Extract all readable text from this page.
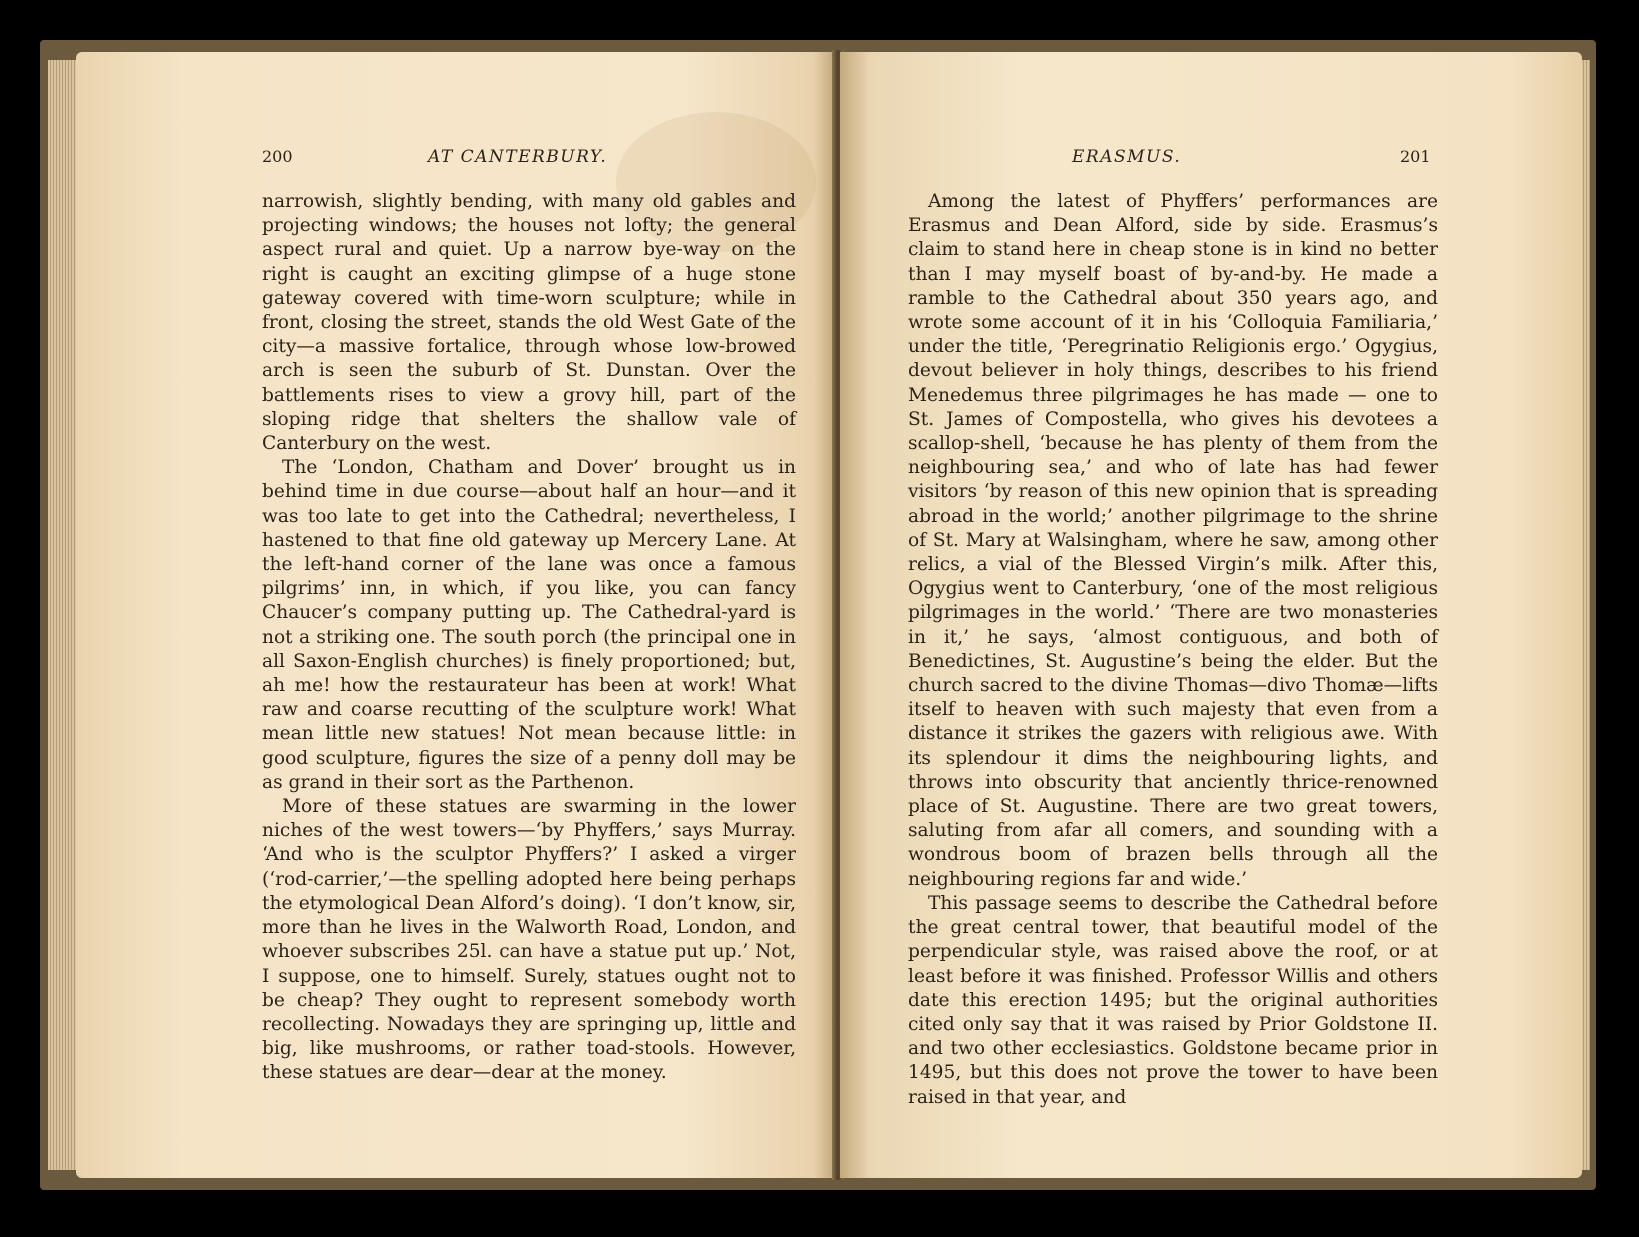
200	AT CANTERBURY.

narrowish, slightly bending, with many old gables and projecting windows; the houses not lofty; the general aspect rural and quiet. Up a narrow bye-way on the right is caught an exciting glimpse of a huge stone gateway covered with time-worn sculpture; while in front, closing the street, stands the old West Gate of the city—a massive fortalice, through whose low-browed arch is seen the suburb of St. Dunstan. Over the battlements rises to view a grovy hill, part of the sloping ridge that shelters the shallow vale of Canterbury on the west.

The ‘London, Chatham and Dover’ brought us in behind time in due course—about half an hour—and it was too late to get into the Cathedral; nevertheless, I hastened to that fine old gateway up Mercery Lane. At the left-hand corner of the lane was once a famous pilgrims’ inn, in which, if you like, you can fancy Chaucer’s company putting up. The Cathedral-yard is not a striking one. The south porch (the principal one in all Saxon-English churches) is finely proportioned; but, ah me! how the restaurateur has been at work! What raw and coarse recutting of the sculpture work! What mean little new statues! Not mean because little: in good sculpture, figures the size of a penny doll may be as grand in their sort as the Parthenon.

More of these statues are swarming in the lower niches of the west towers—‘by Phyffers,’ says Murray. ‘And who is the sculptor Phyffers?’ I asked a virger (‘rod-carrier,’—the spelling adopted here being perhaps the etymological Dean Alford’s doing). ‘I don’t know, sir, more than he lives in the Walworth Road, London, and whoever subscribes 25l. can have a statue put up.’ Not, I suppose, one to himself. Surely, statues ought not to be cheap? They ought to represent somebody worth recollecting. Nowadays they are springing up, little and big, like mushrooms, or rather toad-stools. However, these statues are dear—dear at the money.

ERASMUS.	201

Among the latest of Phyffers’ performances are Erasmus and Dean Alford, side by side. Erasmus’s claim to stand here in cheap stone is in kind no better than I may myself boast of by-and-by. He made a ramble to the Cathedral about 350 years ago, and wrote some account of it in his ‘Colloquia Familiaria,’ under the title, ‘Peregrinatio Religionis ergo.’ Ogygius, devout believer in holy things, describes to his friend Menedemus three pilgrimages he has made — one to St. James of Compostella, who gives his devotees a scallop-shell, ‘because he has plenty of them from the neighbouring sea,’ and who of late has had fewer visitors ‘by reason of this new opinion that is spreading abroad in the world;’ another pilgrimage to the shrine of St. Mary at Walsingham, where he saw, among other relics, a vial of the Blessed Virgin’s milk. After this, Ogygius went to Canterbury, ‘one of the most religious pilgrimages in the world.’ ‘There are two monasteries in it,’ he says, ‘almost contiguous, and both of Benedictines, St. Augustine’s being the elder. But the church sacred to the divine Thomas—divo Thomæ—lifts itself to heaven with such majesty that even from a distance it strikes the gazers with religious awe. With its splendour it dims the neighbouring lights, and throws into obscurity that anciently thrice-renowned place of St. Augustine. There are two great towers, saluting from afar all comers, and sounding with a wondrous boom of brazen bells through all the neighbouring regions far and wide.’

This passage seems to describe the Cathedral before the great central tower, that beautiful model of the perpendicular style, was raised above the roof, or at least before it was finished. Professor Willis and others date this erection 1495; but the original authorities cited only say that it was raised by Prior Goldstone II. and two other ecclesiastics. Goldstone became prior in 1495, but this does not prove the tower to have been raised in that year, and
